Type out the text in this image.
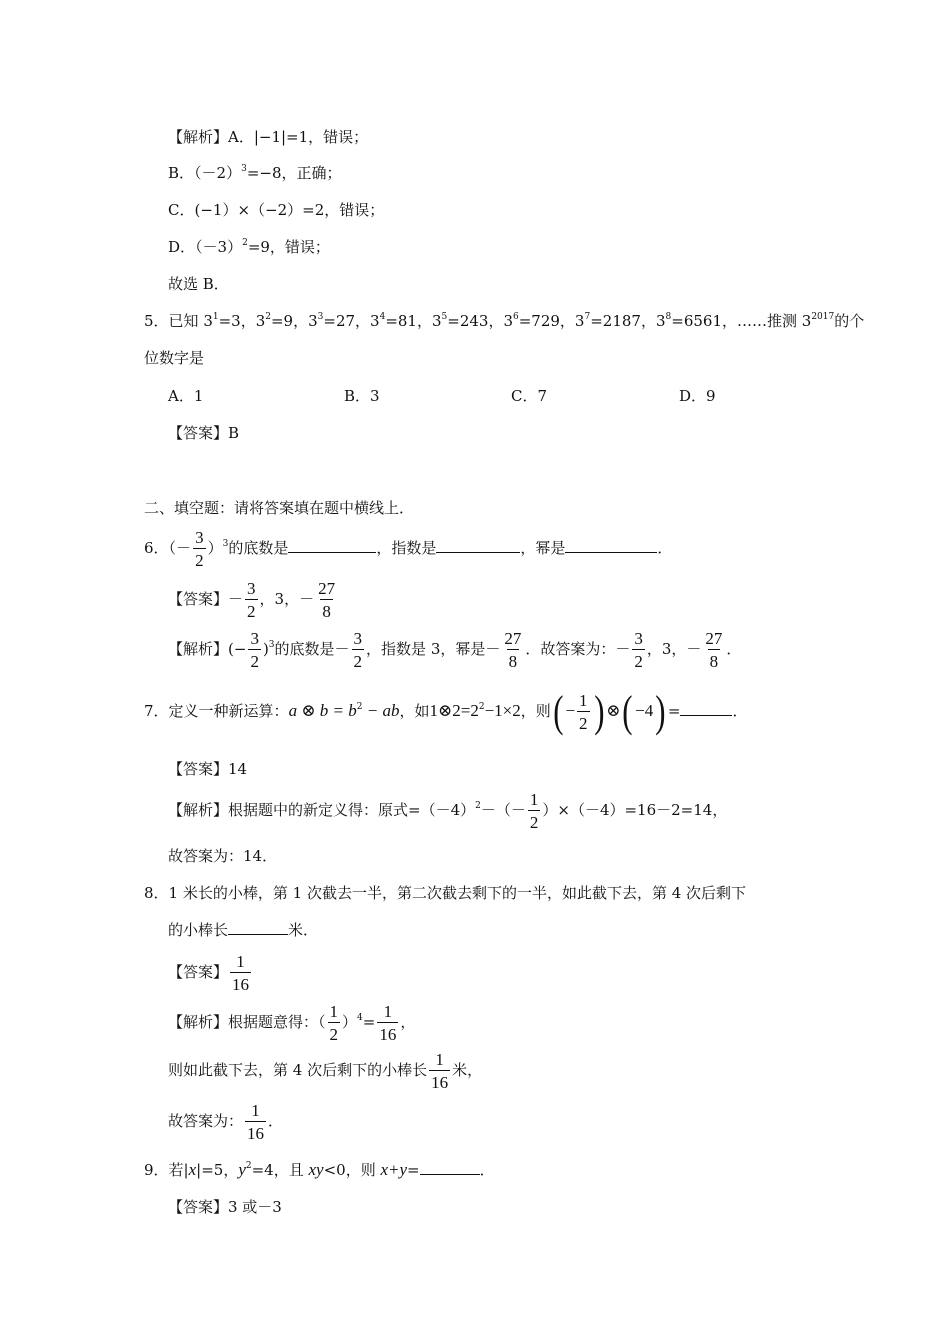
【解析】A．|−1|=1，错误；
B．$(-2)^3=-8$，正确；
C．(−1）×（−2）=2，错误；
D．$(-3)^2=9$，错误；
故选 B．
5．已知 $3^1=3$，$3^2=9$，$3^3=27$，$3^4=81$，$3^5=243$，$3^6=729$，$3^7=2187$，$3^8=6561$，……推测 $3^{2017}$的个
位数字是
A．1	B．3	C．7	D．9
【答案】B
二、填空题：请将答案填在题中横线上．
6．（－ $\frac{3}{2} )^3$的底数是	，指数是	，幂是	．
【答案】－ $\frac{3}{2}$ ，3，－ $\frac{27}{8}$
【解析】(− $\frac{3}{2} )^3$的底数是－ $\frac{3}{2}$ ，指数是 3，幂是－ $\frac{27}{8}$ ．故答案为：－ $\frac{3}{2}$ ，3，－ $\frac{27}{8}$ ．
7．定义一种新运算：a ⊗ $b = b^2$ − ab，如$1\otimes 2=2^2-1\times 2$，则( − $\frac{1}{2}$ ) ⊗( −4) =	．
【答案】14
【解析】根据题中的新定义得：原式$=(-4)^2-(- \frac{1}{2} )\times(-4)=16-2=14$，
故答案为：14．
8．1 米长的小棒，第 1 次截去一半，第二次截去剩下的一半，如此截下去，第 4 次后剩下
的小棒长	米．
【答案】 $\frac{1}{16}$
【解析】根据题意得：（ $\frac{1}{2} )^4= \frac{1}{16}$ ，
则如此截下去，第 4 次后剩下的小棒长 $\frac{1}{16}$ 米，
故答案为： $\frac{1}{16}$ ．
9．若|x|=5，$y^2=4$，且 xy<0，则 x+y=	．
【答案】3 或－3
